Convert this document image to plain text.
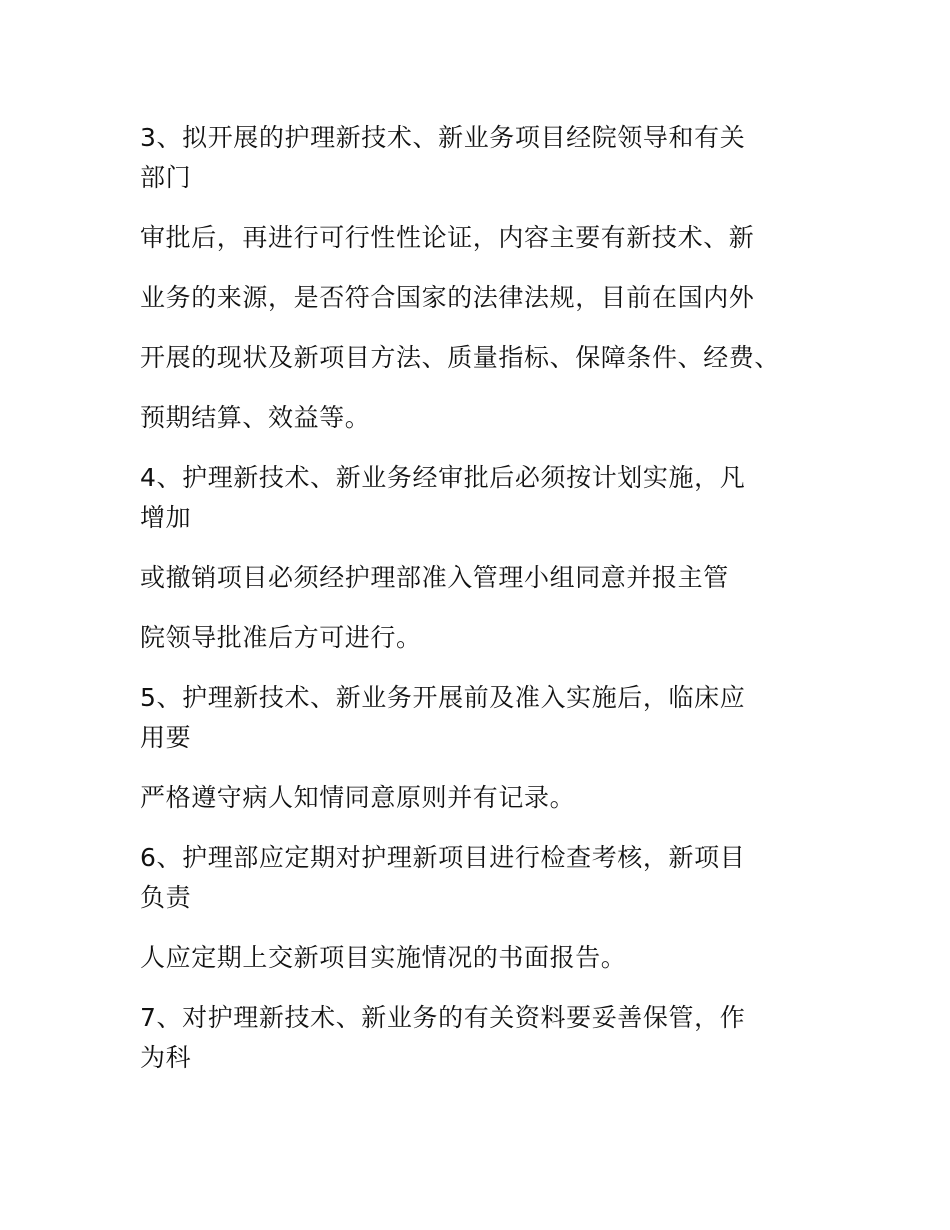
3、拟开展的护理新技术、新业务项目经院领导和有关
部门
审批后，再进行可行性性论证，内容主要有新技术、新
业务的来源，是否符合国家的法律法规，目前在国内外
开展的现状及新项目方法、质量指标、保障条件、经费、
预期结算、效益等。
4、护理新技术、新业务经审批后必须按计划实施，凡
增加
或撤销项目必须经护理部准入管理小组同意并报主管
院领导批准后方可进行。
5、护理新技术、新业务开展前及准入实施后，临床应
用要
严格遵守病人知情同意原则并有记录。
6、护理部应定期对护理新项目进行检查考核，新项目
负责
人应定期上交新项目实施情况的书面报告。
7、对护理新技术、新业务的有关资料要妥善保管，作
为科
